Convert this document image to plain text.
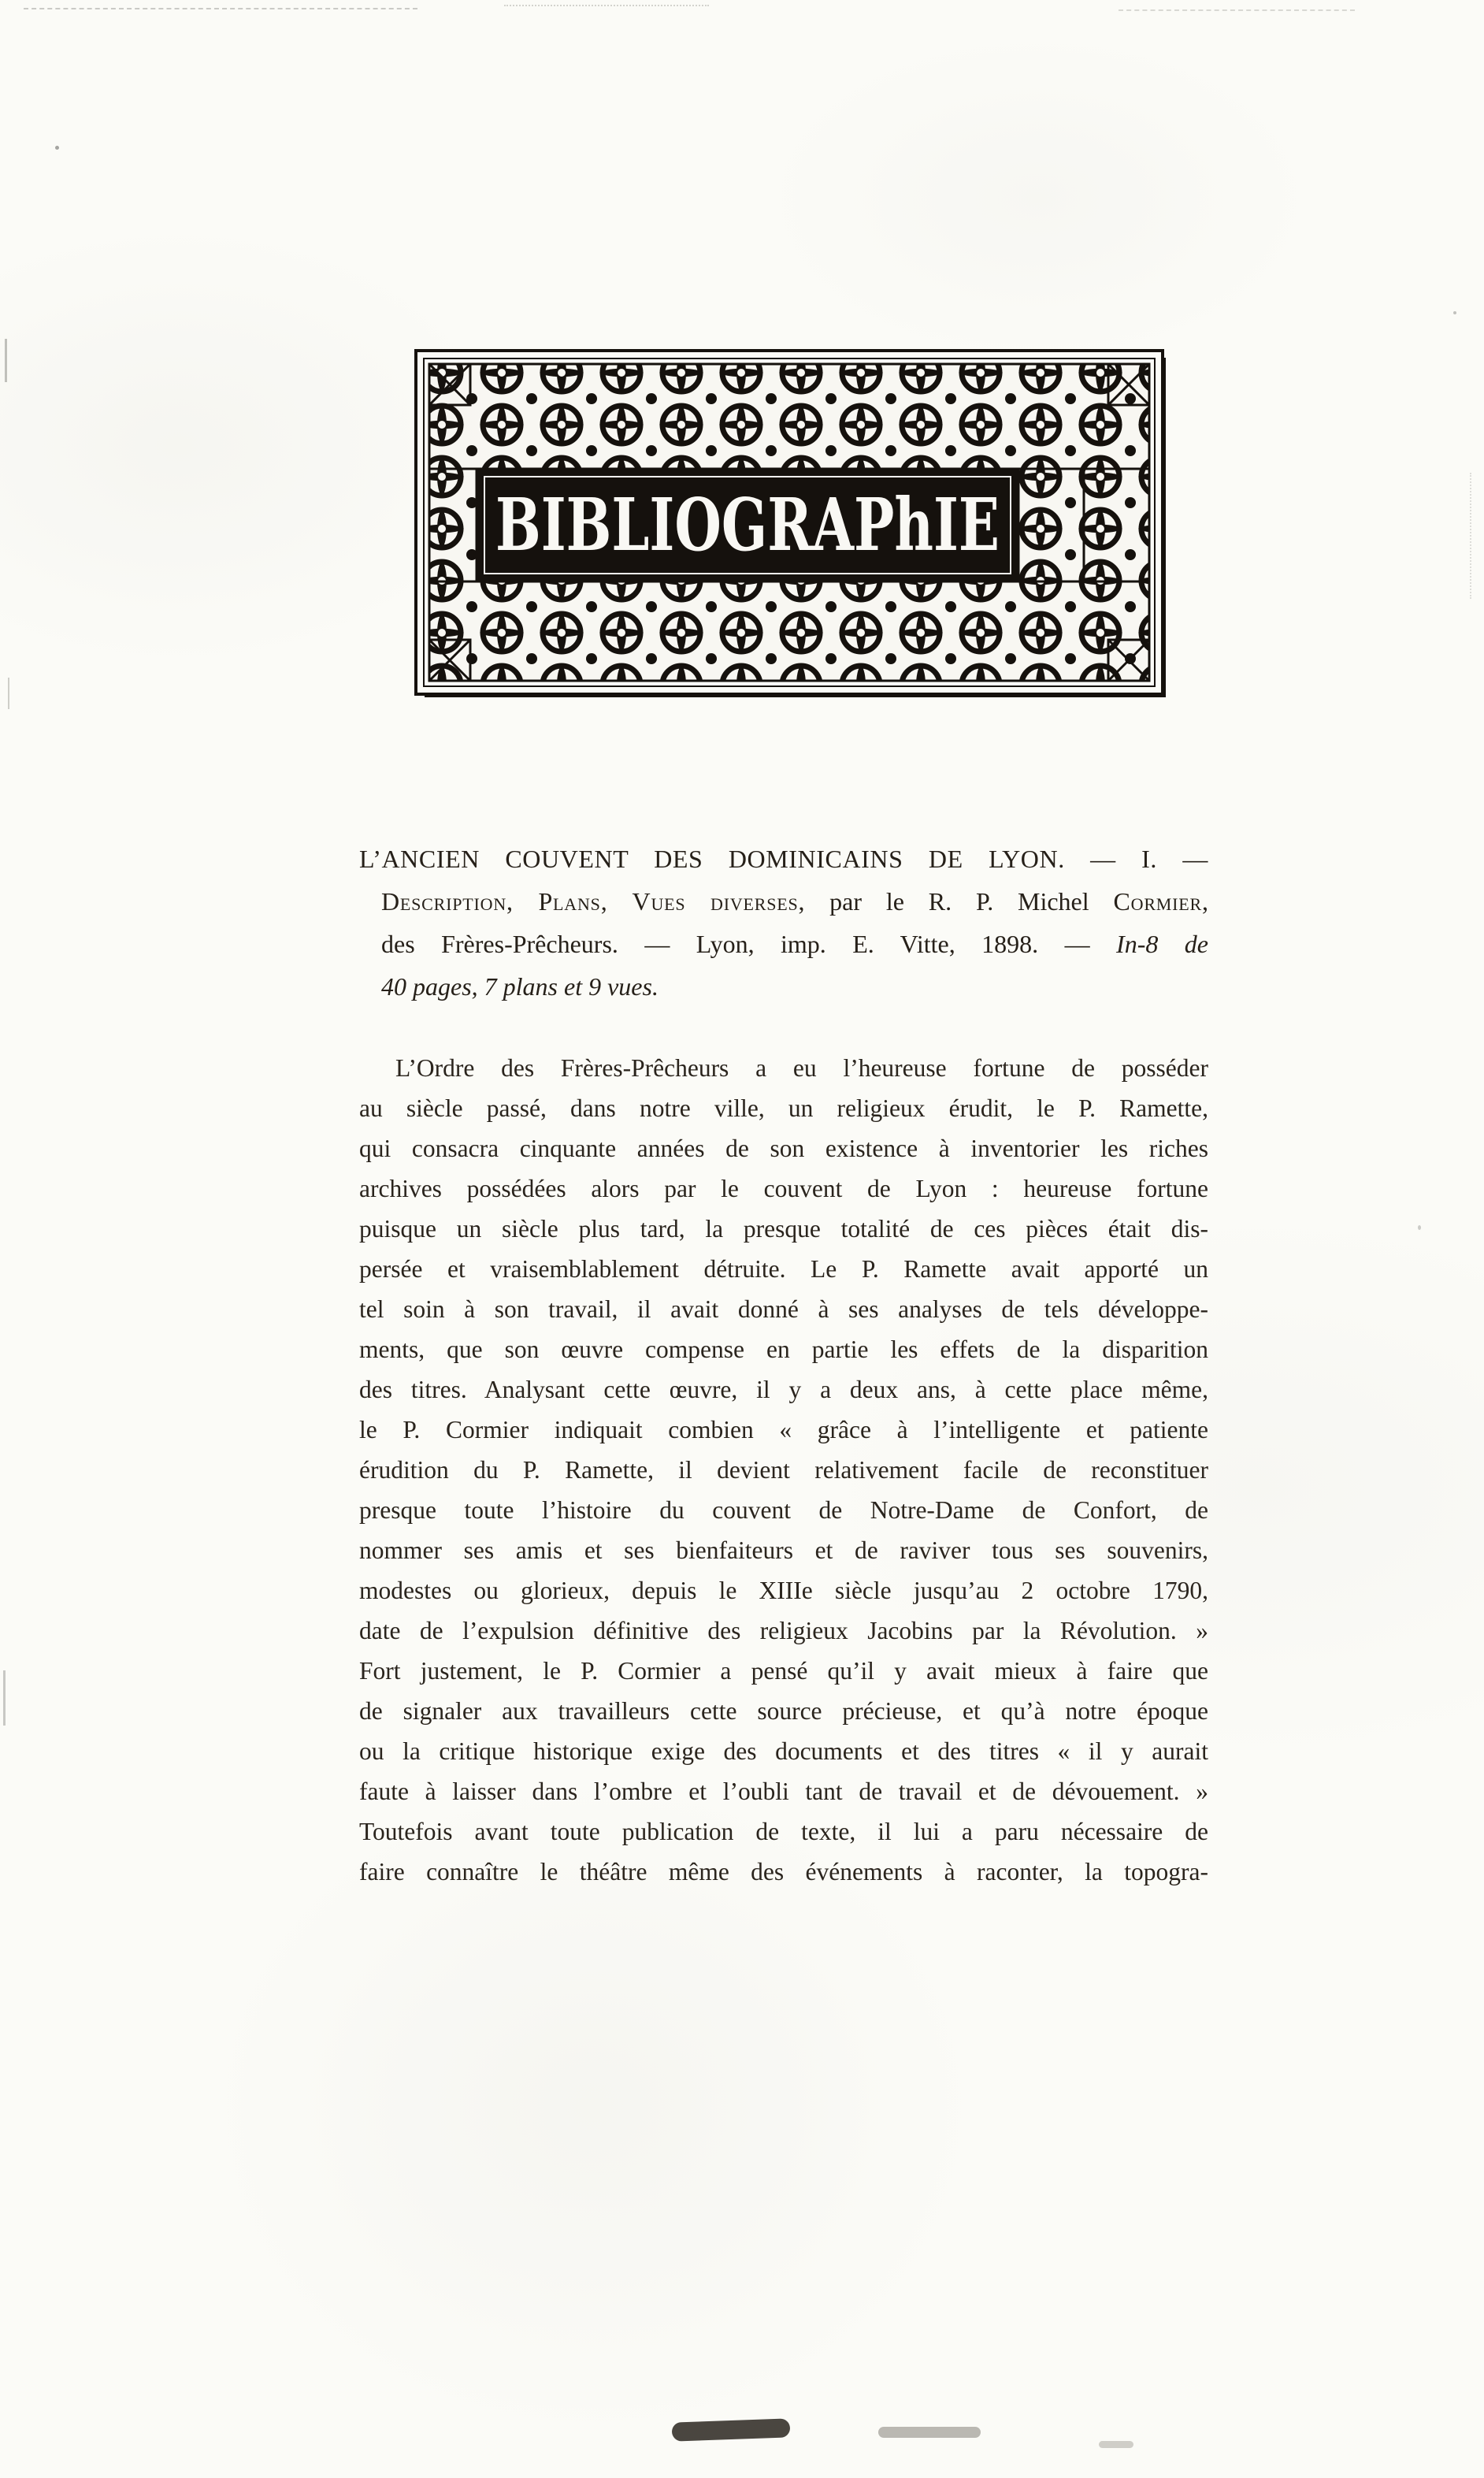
BIBLIOGRAPhIE
L’ANCIEN COUVENT DES DOMINICAINS DE LYON. — I. —
Description, Plans, Vues diverses, par le R. P. Michel Cormier,
des Frères-Prêcheurs. — Lyon, imp. E. Vitte, 1898. — In-8 de
40 pages, 7 plans et 9 vues.
L’Ordre des Frères-Prêcheurs a eu l’heureuse fortune de posséder
au siècle passé, dans notre ville, un religieux érudit, le P. Ramette,
qui consacra cinquante années de son existence à inventorier les riches
archives possédées alors par le couvent de Lyon : heureuse fortune
puisque un siècle plus tard, la presque totalité de ces pièces était dis-
persée et vraisemblablement détruite. Le P. Ramette avait apporté un
tel soin à son travail, il avait donné à ses analyses de tels développe-
ments, que son œuvre compense en partie les effets de la disparition
des titres. Analysant cette œuvre, il y a deux ans, à cette place même,
le P. Cormier indiquait combien « grâce à l’intelligente et patiente
érudition du P. Ramette, il devient relativement facile de reconstituer
presque toute l’histoire du couvent de Notre-Dame de Confort, de
nommer ses amis et ses bienfaiteurs et de raviver tous ses souvenirs,
modestes ou glorieux, depuis le XIIIe siècle jusqu’au 2 octobre 1790,
date de l’expulsion définitive des religieux Jacobins par la Révolution. »
Fort justement, le P. Cormier a pensé qu’il y avait mieux à faire que
de signaler aux travailleurs cette source précieuse, et qu’à notre époque
ou la critique historique exige des documents et des titres « il y aurait
faute à laisser dans l’ombre et l’oubli tant de travail et de dévouement. »
Toutefois avant toute publication de texte, il lui a paru nécessaire de
faire connaître le théâtre même des événements à raconter, la topogra-
